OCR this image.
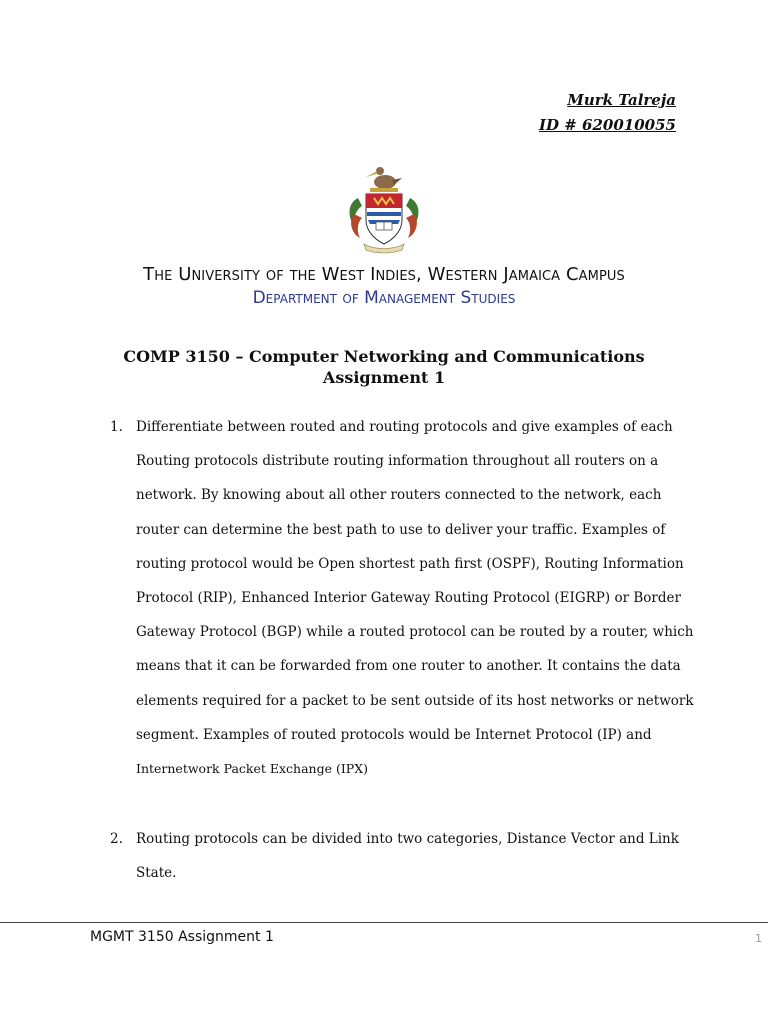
Murk Talreja
ID # 620010055
The University of the West Indies, Western Jamaica Campus
Department of Management Studies
COMP 3150 – Computer Networking and Communications
Assignment 1
1. Differentiate between routed and routing protocols and give examples of each
Routing protocols distribute routing information throughout all routers on a
network. By knowing about all other routers connected to the network, each
router can determine the best path to use to deliver your traffic. Examples of
routing protocol would be Open shortest path first (OSPF), Routing Information
Protocol (RIP), Enhanced Interior Gateway Routing Protocol (EIGRP) or Border
Gateway Protocol (BGP) while a routed protocol can be routed by a router, which
means that it can be forwarded from one router to another. It contains the data
elements required for a packet to be sent outside of its host networks or network
segment. Examples of routed protocols would be Internet Protocol (IP) and
Internetwork Packet Exchange (IPX)
2. Routing protocols can be divided into two categories, Distance Vector and Link
State.
MGMT 3150 Assignment 1	1
